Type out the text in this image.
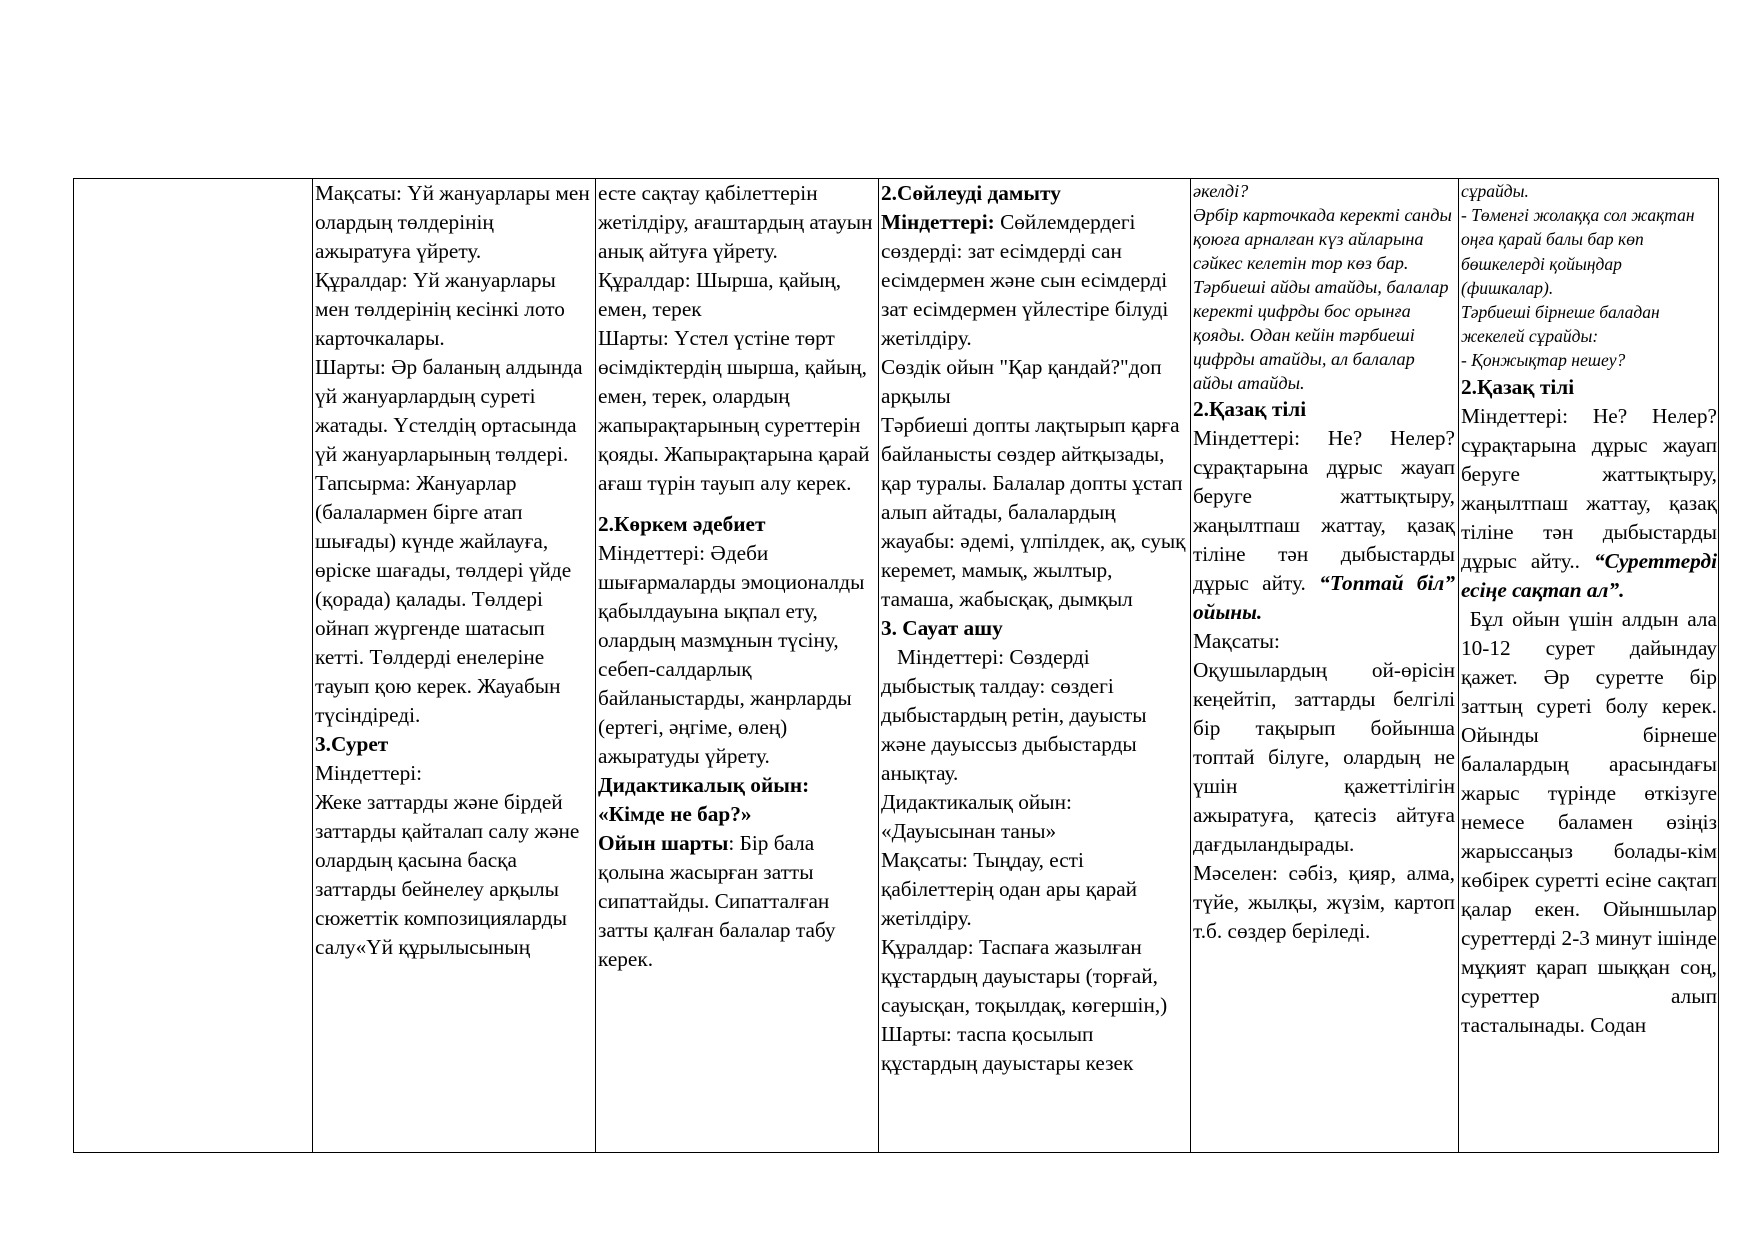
Мақсаты: Үй жануарлары мен олардың төлдерінің ажыратуға үйрету.

Құралдар: Үй жануарлары мен төлдерінің кесінкі лото карточкалары.

Шарты: Әр баланың алдында үй жануарлардың суреті жатады. Үстелдің ортасында үй жануарларының төлдері.

Тапсырма: Жануарлар (балалармен бірге атап шығады) күнде жайлауға, өріске шағады, төлдері үйде (қорада) қалады. Төлдері ойнап жүргенде шатасып кетті. Төлдерді енелеріне тауып қою керек. Жауабын түсіндіреді.

3.Сурет

Міндеттері:

Жеке заттарды және бірдей заттарды қайталап салу және олардың қасына басқа заттарды бейнелеу арқылы сюжеттік композицияларды салу«Үй құрылысының

есте сақтау қабілеттерін жетілдіру, ағаштардың атауын анық айтуға үйрету.

Құралдар: Шырша, қайың, емен, терек

Шарты: Үстел үстіне төрт өсімдіктердің шырша, қайың, емен, терек, олардың жапырақтарының суреттерін қояды. Жапырақтарына қарай ағаш түрін тауып алу керек.

2.Көркем әдебиет

Міндеттері: Әдеби шығармаларды эмоционалды қабылдауына ықпал ету, олардың мазмұнын түсіну, себеп-салдарлық байланыстарды, жанрларды (ертегі, әңгіме, өлең) ажыратуды үйрету.

Дидактикалық ойын:

«Кімде не бар?»

Ойын шарты: Бір бала қолына жасырған затты сипаттайды. Сипатталған затты қалған балалар табу керек.

2.Сөйлеуді дамыту

Міндеттері: Сөйлемдердегі сөздерді: зат есімдерді сан есімдермен және сын есімдерді зат есімдермен үйлестіре білуді жетілдіру.

Сөздік ойын "Қар қандай?"доп арқылы

Тәрбиеші допты лақтырып қарға байланысты сөздер айтқызады, қар туралы. Балалар допты ұстап алып айтады, балалардың жауабы: әдемі, үлпілдек, ақ, суық керемет, мамық, жылтыр, тамаша, жабысқақ, дымқыл

3. Сауат ашу

Міндеттері: Сөздерді дыбыстық талдау: сөздегі дыбыстардың ретін, дауысты және дауыссыз дыбыстарды анықтау.

Дидактикалық ойын: «Дауысынан таны»

Мақсаты: Тыңдау, есті қабілеттерің одан ары қарай жетілдіру.

Құралдар: Таспаға жазылған құстардың дауыстары (торғай, сауысқан, тоқылдақ, көгершін,)

Шарты: таспа қосылып құстардың дауыстары кезек

әкелді?

Әрбір карточкада керекті санды қоюға арналған күз айларына сәйкес келетін тор көз бар.

Тәрбиеші айды атайды, балалар керекті цифрды бос орынға қояды. Одан кейін тәрбиеші цифрды атайды, ал балалар айды атайды.

2.Қазақ тілі

Міндеттері: Не? Нелер? сұрақтарына дұрыс жауап беруге жаттықтыру, жаңылтпаш жаттау, қазақ тіліне тән дыбыстарды дұрыс айту. “Топтай біл” ойыны.

Мақсаты:

Оқушылардың ой-өрісін кеңейтіп, заттарды белгілі бір тақырып бойынша топтай білуге, олардың не үшін қажеттілігін ажыратуға, қатесіз айтуға дағдыландырады.

Мәселен: сәбіз, қияр, алма, түйе, жылқы, жүзім, картоп т.б. сөздер беріледі.

сұрайды.

- Төменгі жолаққа сол жақтан оңға қарай балы бар көп бөшкелерді қойыңдар (фишкалар).

Тәрбиеші бірнеше баладан жекелей сұрайды:

- Қонжықтар нешеу?

2.Қазақ тілі

Міндеттері: Не? Нелер? сұрақтарына дұрыс жауап беруге жаттықтыру, жаңылтпаш жаттау, қазақ тіліне тән дыбыстарды дұрыс айту.. “Суреттерді есіңе сақтап ал”.

Бұл ойын үшін алдын ала 10-12 сурет дайындау қажет. Әр суретте бір заттың суреті болу керек. Ойынды бірнеше балалардың арасындағы жарыс түрінде өткізуге немесе баламен өзіңіз жарыссаңыз болады-кім көбірек суретті есіне сақтап қалар екен. Ойыншылар суреттерді 2-3 минут ішінде мұқият қарап шыққан соң, суреттер алып тасталынады. Содан
